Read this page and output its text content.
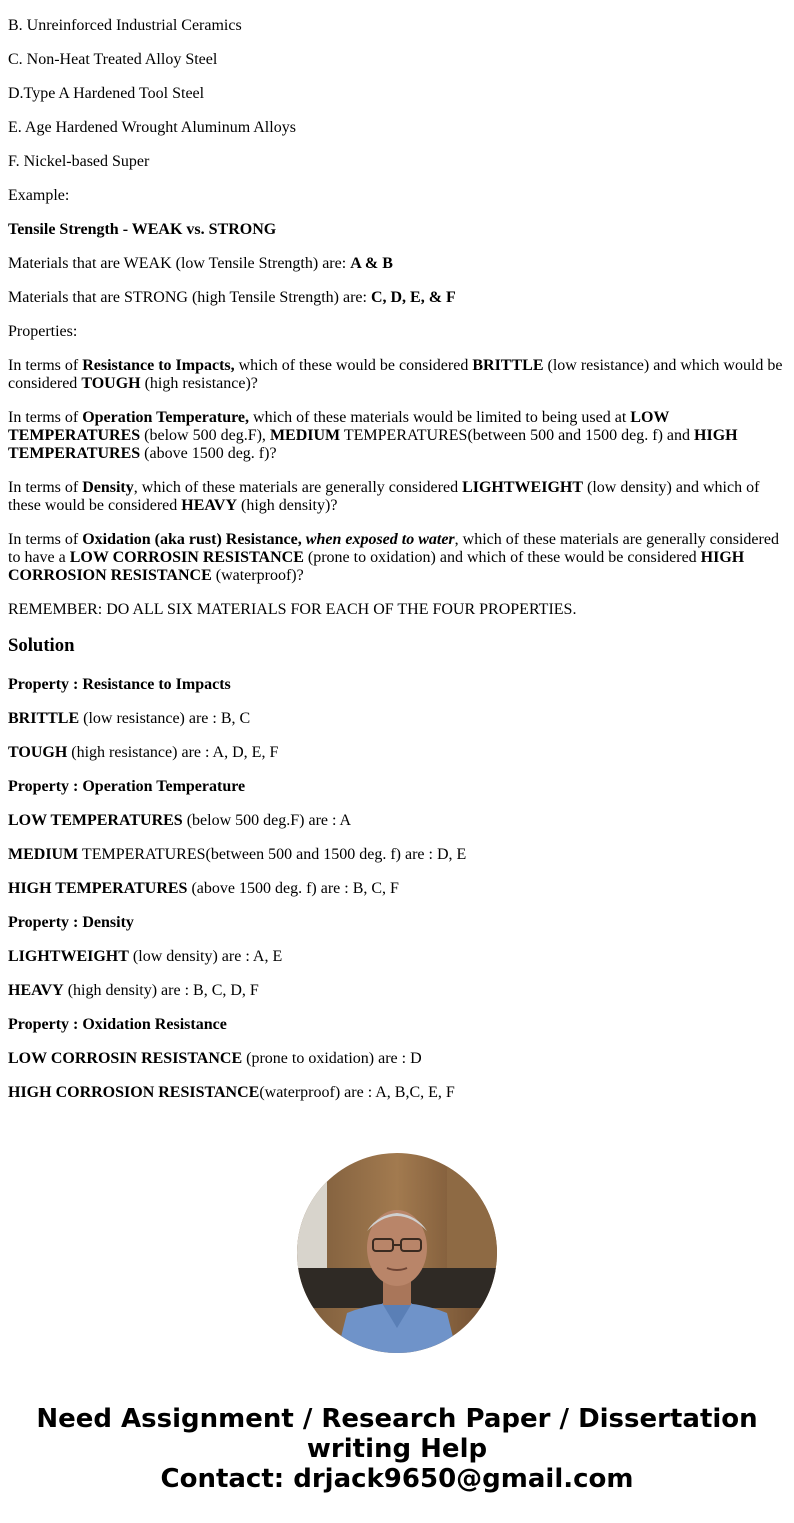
B. Unreinforced Industrial Ceramics

C. Non-Heat Treated Alloy Steel

D.Type A Hardened Tool Steel

E. Age Hardened Wrought Aluminum Alloys

F. Nickel-based Super

Example:

Tensile Strength - WEAK vs. STRONG

Materials that are WEAK (low Tensile Strength) are: A & B

Materials that are STRONG (high Tensile Strength) are: C, D, E, & F

Properties:

In terms of Resistance to Impacts, which of these would be considered BRITTLE (low resistance) and which would be considered TOUGH (high resistance)?

In terms of Operation Temperature, which of these materials would be limited to being used at LOW TEMPERATURES (below 500 deg.F), MEDIUM TEMPERATURES(between 500 and 1500 deg. f) and HIGH TEMPERATURES (above 1500 deg. f)?

In terms of Density, which of these materials are generally considered LIGHTWEIGHT (low density) and which of these would be considered HEAVY (high density)?

In terms of Oxidation (aka rust) Resistance, when exposed to water, which of these materials are generally considered to have a LOW CORROSIN RESISTANCE (prone to oxidation) and which of these would be considered HIGH CORROSION RESISTANCE (waterproof)?

REMEMBER: DO ALL SIX MATERIALS FOR EACH OF THE FOUR PROPERTIES.

Solution

Property : Resistance to Impacts

BRITTLE (low resistance) are : B, C

TOUGH (high resistance) are : A, D, E, F

Property : Operation Temperature

LOW TEMPERATURES (below 500 deg.F) are : A

MEDIUM TEMPERATURES(between 500 and 1500 deg. f) are : D, E

HIGH TEMPERATURES (above 1500 deg. f) are : B, C, F

Property : Density

LIGHTWEIGHT (low density) are : A, E

HEAVY (high density) are : B, C, D, F

Property : Oxidation Resistance

LOW CORROSIN RESISTANCE (prone to oxidation) are : D

HIGH CORROSION RESISTANCE(waterproof) are : A, B,C, E, F

Need Assignment / Research Paper / Dissertation
writing Help
Contact: drjack9650@gmail.com
